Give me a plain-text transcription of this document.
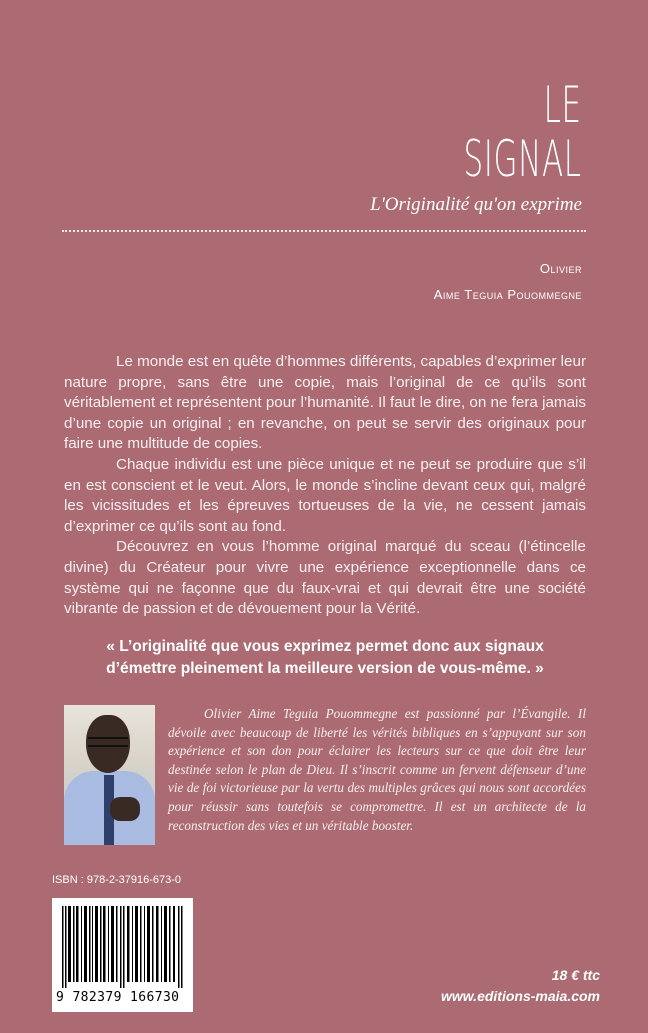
LE
SIGNAL
L'Originalité qu'on exprime
Olivier
Aime Teguia Pouommegne

Le monde est en quête d’hommes différents, capables d’exprimer leur nature propre, sans être une copie, mais l’original de ce qu’ils sont véritablement et représentent pour l’humanité. Il faut le dire, on ne fera jamais d’une copie un original ; en revanche, on peut se servir des originaux pour faire une multitude de copies.

Chaque individu est une pièce unique et ne peut se produire que s’il en est conscient et le veut. Alors, le monde s’incline devant ceux qui, malgré les vicissitudes et les épreuves tortueuses de la vie, ne cessent jamais d’exprimer ce qu’ils sont au fond.

Découvrez en vous l’homme original marqué du sceau (l’étincelle divine) du Créateur pour vivre une expérience exceptionnelle dans ce système qui ne façonne que du faux-vrai et qui devrait être une société vibrante de passion et de dévouement pour la Vérité.

« L’originalité que vous exprimez permet donc aux signaux
d’émettre pleinement la meilleure version de vous-même. »

Olivier Aime Teguia Pouommegne est passionné par l’Évangile. Il dévoile avec beaucoup de liberté les vérités bibliques en s’appuyant sur son expérience et son don pour éclairer les lecteurs sur ce que doit être leur destinée selon le plan de Dieu. Il s’inscrit comme un fervent défenseur d’une vie de foi victorieuse par la vertu des multiples grâces qui nous sont accordées pour réussir sans toutefois se compromettre. Il est un architecte de la reconstruction des vies et un véritable booster.

ISBN : 978-2-37916-673-0
9 782379 166730
18 € ttc
www.editions-maia.com
